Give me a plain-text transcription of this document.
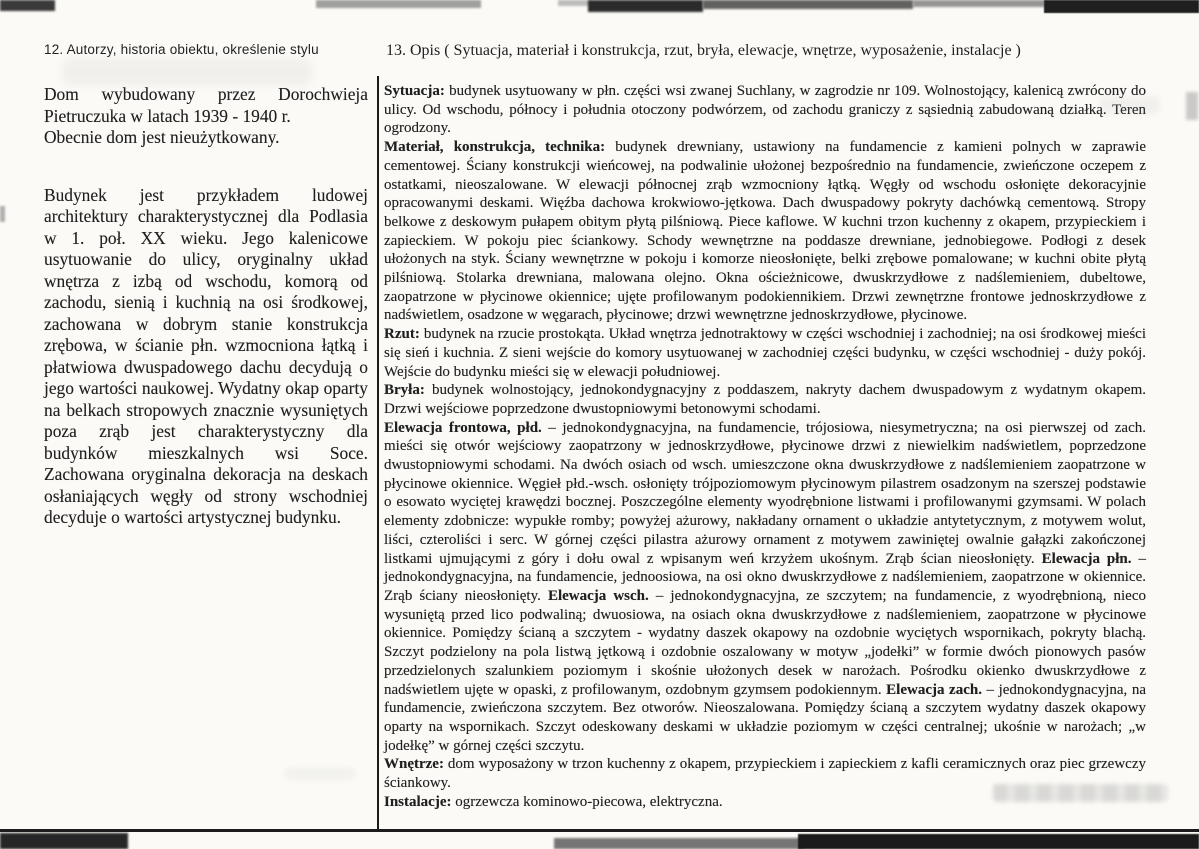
12. Autorzy, historia obiektu, określenie stylu	13. Opis ( Sytuacja, materiał i konstrukcja, rzut, bryła, elewacje, wnętrze, wyposażenie, instalacje )

Dom wybudowany przez Dorochwieja Pietruczuka w latach 1939 - 1940 r.

Obecnie dom jest nieużytkowany.

Budynek jest przykładem ludowej architektury charakterystycznej dla Podlasia w 1. poł. XX wieku. Jego kalenicowe usytuowanie do ulicy, oryginalny układ wnętrza z izbą od wschodu, komorą od zachodu, sienią i kuchnią na osi środkowej, zachowana w dobrym stanie konstrukcja zrębowa, w ścianie płn. wzmocniona łątką i płatwiowa dwuspadowego dachu decydują o jego wartości naukowej. Wydatny okap oparty na belkach stropowych znacznie wysuniętych poza zrąb jest charakterystyczny dla budynków mieszkalnych wsi Soce. Zachowana oryginalna dekoracja na deskach osłaniających węgły od strony wschodniej decyduje o wartości artystycznej budynku.

Sytuacja: budynek usytuowany w płn. części wsi zwanej Suchlany, w zagrodzie nr 109. Wolnostojący, kalenicą zwrócony do ulicy. Od wschodu, północy i południa otoczony podwórzem, od zachodu graniczy z sąsiednią zabudowaną działką. Teren ogrodzony.

Materiał, konstrukcja, technika: budynek drewniany, ustawiony na fundamencie z kamieni polnych w zaprawie cementowej. Ściany konstrukcji wieńcowej, na podwalinie ułożonej bezpośrednio na fundamencie, zwieńczone oczepem z ostatkami, nieoszalowane. W elewacji północnej zrąb wzmocniony łątką. Węgły od wschodu osłonięte dekoracyjnie opracowanymi deskami. Więźba dachowa krokwiowo-jętkowa. Dach dwuspadowy pokryty dachówką cementową. Stropy belkowe z deskowym pułapem obitym płytą pilśniową. Piece kaflowe. W kuchni trzon kuchenny z okapem, przypieckiem i zapieckiem. W pokoju piec ściankowy. Schody wewnętrzne na poddasze drewniane, jednobiegowe. Podłogi z desek ułożonych na styk. Ściany wewnętrzne w pokoju i komorze nieosłonięte, belki zrębowe pomalowane; w kuchni obite płytą pilśniową. Stolarka drewniana, malowana olejno. Okna ościeżnicowe, dwuskrzydłowe z nadślemieniem, dubeltowe, zaopatrzone w płycinowe okiennice; ujęte profilowanym podokiennikiem. Drzwi zewnętrzne frontowe jednoskrzydłowe z nadświetlem, osadzone w węgarach, płycinowe; drzwi wewnętrzne jednoskrzydłowe, płycinowe.

Rzut: budynek na rzucie prostokąta. Układ wnętrza jednotraktowy w części wschodniej i zachodniej; na osi środkowej mieści się sień i kuchnia. Z sieni wejście do komory usytuowanej w zachodniej części budynku, w części wschodniej - duży pokój. Wejście do budynku mieści się w elewacji południowej.

Bryła: budynek wolnostojący, jednokondygnacyjny z poddaszem, nakryty dachem dwuspadowym z wydatnym okapem. Drzwi wejściowe poprzedzone dwustopniowymi betonowymi schodami.

Elewacja frontowa, płd. – jednokondygnacyjna, na fundamencie, trójosiowa, niesymetryczna; na osi pierwszej od zach. mieści się otwór wejściowy zaopatrzony w jednoskrzydłowe, płycinowe drzwi z niewielkim nadświetlem, poprzedzone dwustopniowymi schodami. Na dwóch osiach od wsch. umieszczone okna dwuskrzydłowe z nadślemieniem zaopatrzone w płycinowe okiennice. Węgieł płd.-wsch. osłonięty trójpoziomowym płycinowym pilastrem osadzonym na szerszej podstawie o esowato wyciętej krawędzi bocznej. Poszczególne elementy wyodrębnione listwami i profilowanymi gzymsami. W polach elementy zdobnicze: wypukłe romby; powyżej ażurowy, nakładany ornament o układzie antytetycznym, z motywem wolut, liści, czteroliści i serc. W górnej części pilastra ażurowy ornament z motywem zawiniętej owalnie gałązki zakończonej listkami ujmującymi z góry i dołu owal z wpisanym weń krzyżem ukośnym. Zrąb ścian nieosłonięty. Elewacja płn. – jednokondygnacyjna, na fundamencie, jednoosiowa, na osi okno dwuskrzydłowe z nadślemieniem, zaopatrzone w okiennice. Zrąb ściany nieosłonięty. Elewacja wsch. – jednokondygnacyjna, ze szczytem; na fundamencie, z wyodrębnioną, nieco wysuniętą przed lico podwaliną; dwuosiowa, na osiach okna dwuskrzydłowe z nadślemieniem, zaopatrzone w płycinowe okiennice. Pomiędzy ścianą a szczytem - wydatny daszek okapowy na ozdobnie wyciętych wspornikach, pokryty blachą. Szczyt podzielony na pola listwą jętkową i ozdobnie oszalowany w motyw „jodełki” w formie dwóch pionowych pasów przedzielonych szalunkiem poziomym i skośnie ułożonych desek w narożach. Pośrodku okienko dwuskrzydłowe z nadświetlem ujęte w opaski, z profilowanym, ozdobnym gzymsem podokiennym. Elewacja zach. – jednokondygnacyjna, na fundamencie, zwieńczona szczytem. Bez otworów. Nieoszalowana. Pomiędzy ścianą a szczytem wydatny daszek okapowy oparty na wspornikach. Szczyt odeskowany deskami w układzie poziomym w części centralnej; ukośnie w narożach; „w jodełkę” w górnej części szczytu.

Wnętrze: dom wyposażony w trzon kuchenny z okapem, przypieckiem i zapieckiem z kafli ceramicznych oraz piec grzewczy ściankowy.

Instalacje: ogrzewcza kominowo-piecowa, elektryczna.
